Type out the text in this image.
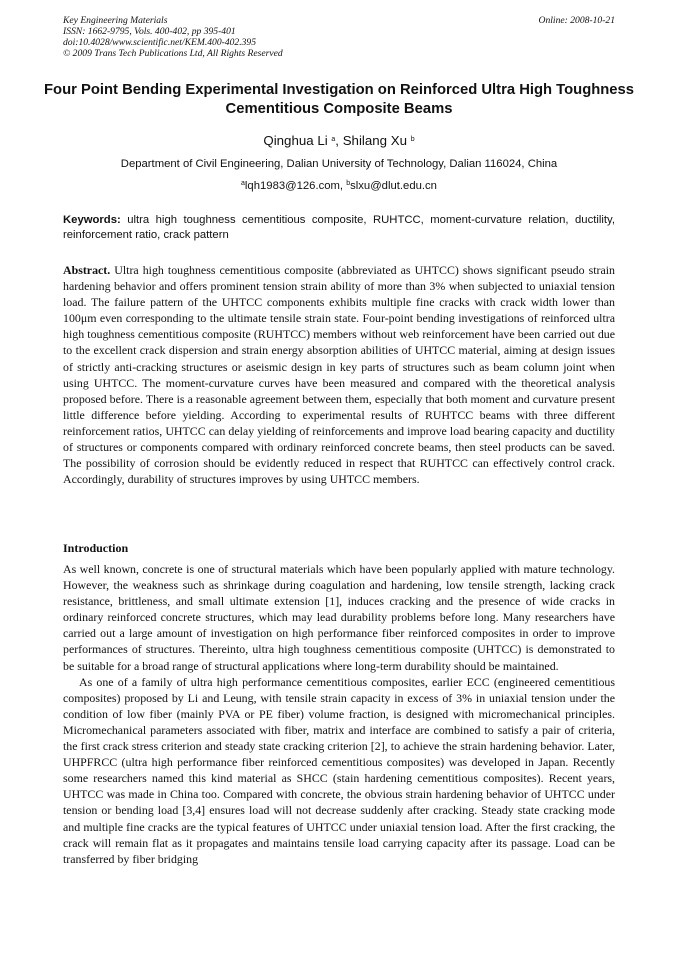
Key Engineering Materials
ISSN: 1662-9795, Vols. 400-402, pp 395-401
doi:10.4028/www.scientific.net/KEM.400-402.395
© 2009 Trans Tech Publications Ltd, All Rights Reserved
Online: 2008-10-21
Four Point Bending Experimental Investigation on Reinforced Ultra High Toughness Cementitious Composite Beams
Qinghua Li $^a$, Shilang Xu $^b$
Department of Civil Engineering, Dalian University of Technology, Dalian 116024, China
$^a$lqh1983@126.com, $^b$slxu@dlut.edu.cn
Keywords: ultra high toughness cementitious composite, RUHTCC, moment-curvature relation, ductility, reinforcement ratio, crack pattern
Abstract. Ultra high toughness cementitious composite (abbreviated as UHTCC) shows significant pseudo strain hardening behavior and offers prominent tension strain ability of more than 3% when subjected to uniaxial tension load. The failure pattern of the UHTCC components exhibits multiple fine cracks with crack width lower than 100μm even corresponding to the ultimate tensile strain state. Four-point bending investigations of reinforced ultra high toughness cementitious composite (RUHTCC) members without web reinforcement have been carried out due to the excellent crack dispersion and strain energy absorption abilities of UHTCC material, aiming at design issues of strictly anti-cracking structures or aseismic design in key parts of structures such as beam column joint when using UHTCC. The moment-curvature curves have been measured and compared with the theoretical analysis proposed before. There is a reasonable agreement between them, especially that both moment and curvature present little difference before yielding. According to experimental results of RUHTCC beams with three different reinforcement ratios, UHTCC can delay yielding of reinforcements and improve load bearing capacity and ductility of structures or components compared with ordinary reinforced concrete beams, then steel products can be saved. The possibility of corrosion should be evidently reduced in respect that RUHTCC can effectively control crack. Accordingly, durability of structures improves by using UHTCC members.
Introduction

As well known, concrete is one of structural materials which have been popularly applied with mature technology. However, the weakness such as shrinkage during coagulation and hardening, low tensile strength, lacking crack resistance, brittleness, and small ultimate extension [1], induces cracking and the presence of wide cracks in ordinary reinforced concrete structures, which may lead durability problems before long. Many researchers have carried out a large amount of investigation on high performance fiber reinforced composites in order to improve performances of structures. Thereinto, ultra high toughness cementitious composite (UHTCC) is demonstrated to be suitable for a broad range of structural applications where long-term durability should be maintained.

As one of a family of ultra high performance cementitious composites, earlier ECC (engineered cementitious composites) proposed by Li and Leung, with tensile strain capacity in excess of 3% in uniaxial tension under the condition of low fiber (mainly PVA or PE fiber) volume fraction, is designed with micromechanical principles. Micromechanical parameters associated with fiber, matrix and interface are combined to satisfy a pair of criteria, the first crack stress criterion and steady state cracking criterion [2], to achieve the strain hardening behavior. Later, UHPFRCC (ultra high performance fiber reinforced cementitious composites) was developed in Japan. Recently some researchers named this kind material as SHCC (stain hardening cementitious composites). Recent years, UHTCC was made in China too. Compared with concrete, the obvious strain hardening behavior of UHTCC under tension or bending load [3,4] ensures load will not decrease suddenly after cracking. Steady state cracking mode and multiple fine cracks are the typical features of UHTCC under uniaxial tension load. After the first cracking, the crack will remain flat as it propagates and maintains tensile load carrying capacity after its passage. Load can be transferred by fiber bridging
